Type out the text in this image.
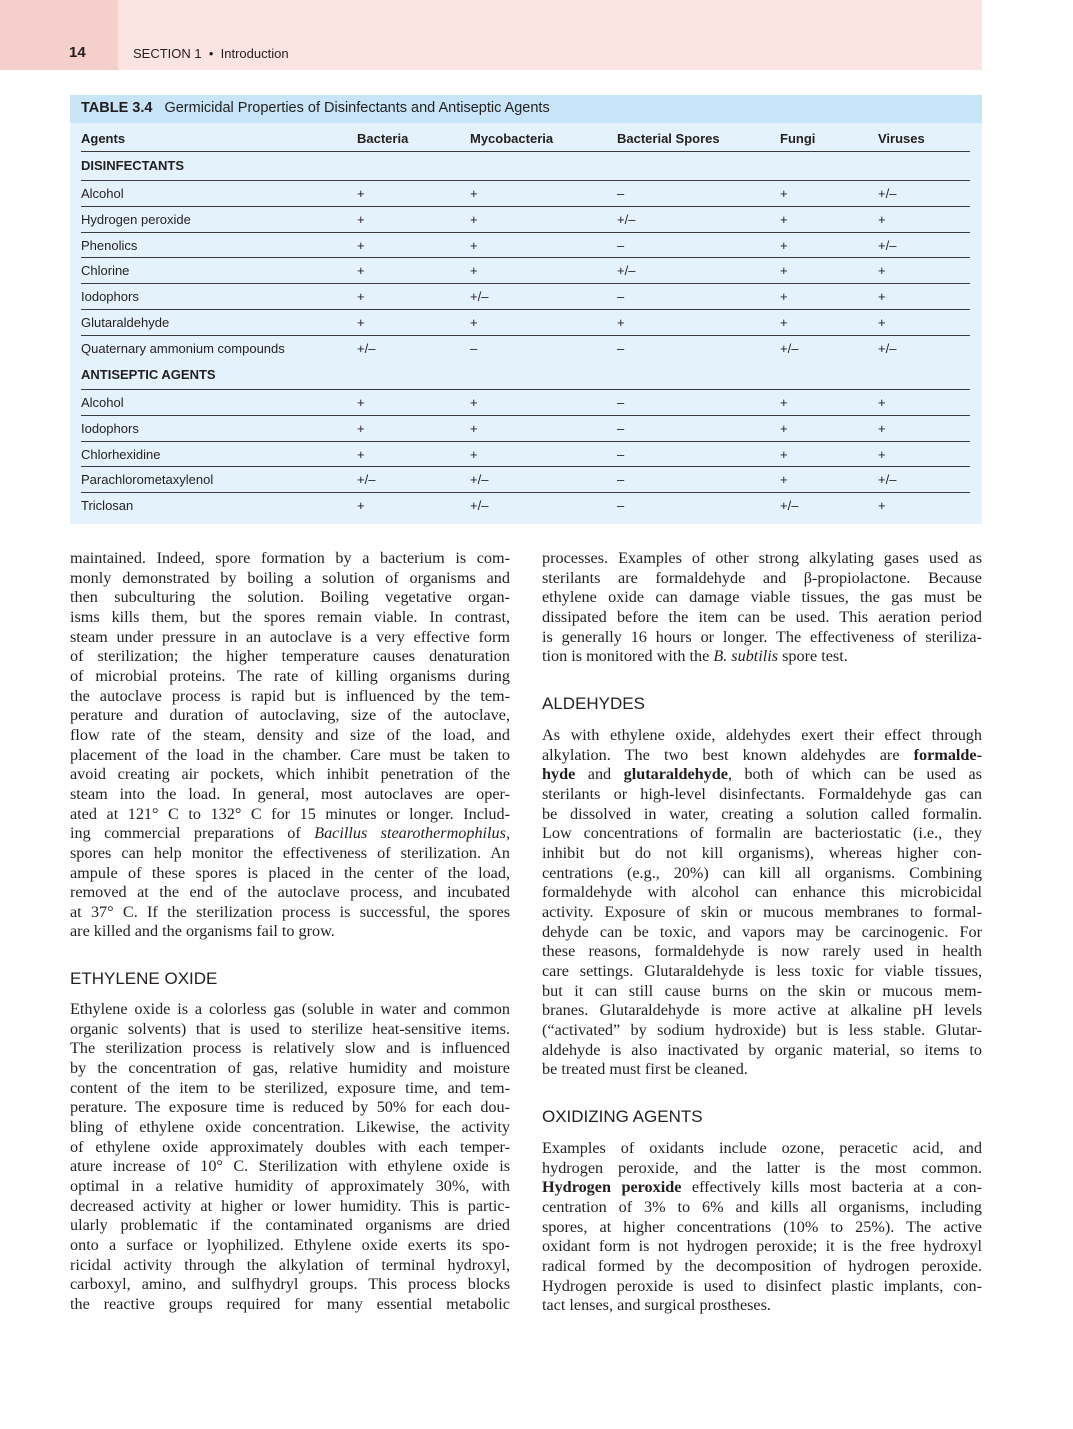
14	SECTION 1  •  Introduction
TABLE 3.4 Germicidal Properties of Disinfectants and Antiseptic Agents
Agents	Bacteria	Mycobacteria	Bacterial Spores	Fungi	Viruses
DISINFECTANTS
Alcohol	+	+	–	+	+/–
Hydrogen peroxide	+	+	+/–	+	+
Phenolics	+	+	–	+	+/–
Chlorine	+	+	+/–	+	+
Iodophors	+	+/–	–	+	+
Glutaraldehyde	+	+	+	+	+
Quaternary ammonium compounds	+/–	–	–	+/–	+/–
ANTISEPTIC AGENTS
Alcohol	+	+	–	+	+
Iodophors	+	+	–	+	+
Chlorhexidine	+	+	–	+	+
Parachlorometaxylenol	+/–	+/–	–	+	+/–
Triclosan	+	+/–	–	+/–	+
maintained. Indeed, spore formation by a bacterium is com-
monly demonstrated by boiling a solution of organisms and
then subculturing the solution. Boiling vegetative organ-
isms kills them, but the spores remain viable. In contrast,
steam under pressure in an autoclave is a very effective form
of sterilization; the higher temperature causes denaturation
of microbial proteins. The rate of killing organisms during
the autoclave process is rapid but is influenced by the tem-
perature and duration of autoclaving, size of the autoclave,
flow rate of the steam, density and size of the load, and
placement of the load in the chamber. Care must be taken to
avoid creating air pockets, which inhibit penetration of the
steam into the load. In general, most autoclaves are oper-
ated at 121° C to 132° C for 15 minutes or longer. Includ-
ing commercial preparations of Bacillus stearothermophilus,
spores can help monitor the effectiveness of sterilization. An
ampule of these spores is placed in the center of the load,
removed at the end of the autoclave process, and incubated
at 37° C. If the sterilization process is successful, the spores
are killed and the organisms fail to grow.
ETHYLENE OXIDE
Ethylene oxide is a colorless gas (soluble in water and common
organic solvents) that is used to sterilize heat-sensitive items.
The sterilization process is relatively slow and is influenced
by the concentration of gas, relative humidity and moisture
content of the item to be sterilized, exposure time, and tem-
perature. The exposure time is reduced by 50% for each dou-
bling of ethylene oxide concentration. Likewise, the activity
of ethylene oxide approximately doubles with each temper-
ature increase of 10° C. Sterilization with ethylene oxide is
optimal in a relative humidity of approximately 30%, with
decreased activity at higher or lower humidity. This is partic-
ularly problematic if the contaminated organisms are dried
onto a surface or lyophilized. Ethylene oxide exerts its spo-
ricidal activity through the alkylation of terminal hydroxyl,
carboxyl, amino, and sulfhydryl groups. This process blocks
the reactive groups required for many essential metabolic
processes. Examples of other strong alkylating gases used as
sterilants are formaldehyde and β-propiolactone. Because
ethylene oxide can damage viable tissues, the gas must be
dissipated before the item can be used. This aeration period
is generally 16 hours or longer. The effectiveness of steriliza-
tion is monitored with the B. subtilis spore test.
ALDEHYDES
As with ethylene oxide, aldehydes exert their effect through
alkylation. The two best known aldehydes are formalde-
hyde and glutaraldehyde, both of which can be used as
sterilants or high-level disinfectants. Formaldehyde gas can
be dissolved in water, creating a solution called formalin.
Low concentrations of formalin are bacteriostatic (i.e., they
inhibit but do not kill organisms), whereas higher con-
centrations (e.g., 20%) can kill all organisms. Combining
formaldehyde with alcohol can enhance this microbicidal
activity. Exposure of skin or mucous membranes to formal-
dehyde can be toxic, and vapors may be carcinogenic. For
these reasons, formaldehyde is now rarely used in health
care settings. Glutaraldehyde is less toxic for viable tissues,
but it can still cause burns on the skin or mucous mem-
branes. Glutaraldehyde is more active at alkaline pH levels
(“activated” by sodium hydroxide) but is less stable. Glutar-
aldehyde is also inactivated by organic material, so items to
be treated must first be cleaned.
OXIDIZING AGENTS
Examples of oxidants include ozone, peracetic acid, and
hydrogen peroxide, and the latter is the most common.
Hydrogen peroxide effectively kills most bacteria at a con-
centration of 3% to 6% and kills all organisms, including
spores, at higher concentrations (10% to 25%). The active
oxidant form is not hydrogen peroxide; it is the free hydroxyl
radical formed by the decomposition of hydrogen peroxide.
Hydrogen peroxide is used to disinfect plastic implants, con-
tact lenses, and surgical prostheses.
